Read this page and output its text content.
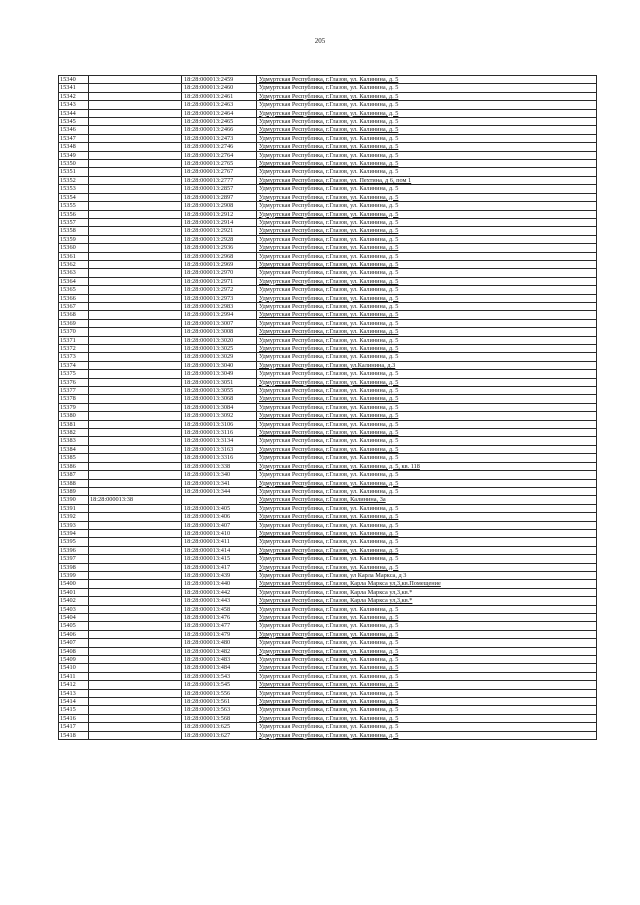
205
15340		18:28:000013:2459	Удмуртская Республика, г.Глазов, ул. Калинина, д. 5
15341		18:28:000013:2460	Удмуртская Республика, г.Глазов, ул. Калинина, д. 5
15342		18:28:000013:2461	Удмуртская Республика, г.Глазов, ул. Калинина, д. 5
15343		18:28:000013:2463	Удмуртская Республика, г.Глазов, ул. Калинина, д. 5
15344		18:28:000013:2464	Удмуртская Республика, г.Глазов, ул. Калинина, д. 5
15345		18:28:000013:2465	Удмуртская Республика, г.Глазов, ул. Калинина, д. 5
15346		18:28:000013:2466	Удмуртская Республика, г.Глазов, ул. Калинина, д. 5
15347		18:28:000013:2473	Удмуртская Республика, г.Глазов, ул. Калинина, д. 5
15348		18:28:000013:2746	Удмуртская Республика, г.Глазов, ул. Калинина, д. 5
15349		18:28:000013:2764	Удмуртская Республика, г.Глазов, ул. Калинина, д. 5
15350		18:28:000013:2765	Удмуртская Республика, г.Глазов, ул. Калинина, д. 5
15351		18:28:000013:2767	Удмуртская Республика, г.Глазов, ул. Калинина, д. 5
15352		18:28:000013:2777	Удмуртская Республика, г.Глазов, ул. Пехтина, д 6, пом 1
15353		18:28:000013:2857	Удмуртская Республика, г.Глазов, ул. Калинина, д. 5
15354		18:28:000013:2897	Удмуртская Республика, г.Глазов, ул. Калинина, д. 5
15355		18:28:000013:2908	Удмуртская Республика, г.Глазов, ул. Калинина, д. 5
15356		18:28:000013:2912	Удмуртская Республика, г.Глазов, ул. Калинина, д. 5
15357		18:28:000013:2914	Удмуртская Республика, г.Глазов, ул. Калинина, д. 5
15358		18:28:000013:2921	Удмуртская Республика, г.Глазов, ул. Калинина, д. 5
15359		18:28:000013:2928	Удмуртская Республика, г.Глазов, ул. Калинина, д. 5
15360		18:28:000013:2936	Удмуртская Республика, г.Глазов, ул. Калинина, д. 5
15361		18:28:000013:2968	Удмуртская Республика, г.Глазов, ул. Калинина, д. 5
15362		18:28:000013:2969	Удмуртская Республика, г.Глазов, ул. Калинина, д. 5
15363		18:28:000013:2970	Удмуртская Республика, г.Глазов, ул. Калинина, д. 5
15364		18:28:000013:2971	Удмуртская Республика, г.Глазов, ул. Калинина, д. 5
15365		18:28:000013:2972	Удмуртская Республика, г.Глазов, ул. Калинина, д. 5
15366		18:28:000013:2973	Удмуртская Республика, г.Глазов, ул. Калинина, д. 5
15367		18:28:000013:2983	Удмуртская Республика, г.Глазов, ул. Калинина, д. 5
15368		18:28:000013:2994	Удмуртская Республика, г.Глазов, ул. Калинина, д. 5
15369		18:28:000013:3007	Удмуртская Республика, г.Глазов, ул. Калинина, д. 5
15370		18:28:000013:3008	Удмуртская Республика, г.Глазов, ул. Калинина, д. 5
15371		18:28:000013:3020	Удмуртская Республика, г.Глазов, ул. Калинина, д. 5
15372		18:28:000013:3025	Удмуртская Республика, г.Глазов, ул. Калинина, д. 5
15373		18:28:000013:3029	Удмуртская Республика, г.Глазов, ул. Калинина, д. 5
15374		18:28:000013:3040	Удмуртская Республика, г.Глазов, ул.Калинина, д.3
15375		18:28:000013:3049	Удмуртская Республика, г.Глазов, ул. Калинина, д. 5
15376		18:28:000013:3051	Удмуртская Республика, г.Глазов, ул. Калинина, д. 5
15377		18:28:000013:3055	Удмуртская Республика, г.Глазов, ул. Калинина, д. 5
15378		18:28:000013:3068	Удмуртская Республика, г.Глазов, ул. Калинина, д. 5
15379		18:28:000013:3084	Удмуртская Республика, г.Глазов, ул. Калинина, д. 5
15380		18:28:000013:3092	Удмуртская Республика, г.Глазов, ул. Калинина, д. 5
15381		18:28:000013:3106	Удмуртская Республика, г.Глазов, ул. Калинина, д. 5
15382		18:28:000013:3116	Удмуртская Республика, г.Глазов, ул. Калинина, д. 5
15383		18:28:000013:3134	Удмуртская Республика, г.Глазов, ул. Калинина, д. 5
15384		18:28:000013:3163	Удмуртская Республика, г.Глазов, ул. Калинина, д. 5
15385		18:28:000013:3316	Удмуртская Республика, г.Глазов, ул. Калинина, д. 5
15386		18:28:000013:338	Удмуртская Республика, г.Глазов, ул. Калинина, д. 5, кв. 118
15387		18:28:000013:340	Удмуртская Республика, г.Глазов, ул. Калинина, д. 5
15388		18:28:000013:341	Удмуртская Республика, г.Глазов, ул. Калинина, д. 5
15389		18:28:000013:344	Удмуртская Республика, г.Глазов, ул. Калинина, д. 5
15390	18:28:000013:38		Удмуртская Республика, г.Глазов, Калинина, 3а
15391		18:28:000013:405	Удмуртская Республика, г.Глазов, ул. Калинина, д. 5
15392		18:28:000013:406	Удмуртская Республика, г.Глазов, ул. Калинина, д. 5
15393		18:28:000013:407	Удмуртская Республика, г.Глазов, ул. Калинина, д. 5
15394		18:28:000013:410	Удмуртская Республика, г.Глазов, ул. Калинина, д. 5
15395		18:28:000013:411	Удмуртская Республика, г.Глазов, ул. Калинина, д. 5
15396		18:28:000013:414	Удмуртская Республика, г.Глазов, ул. Калинина, д. 5
15397		18:28:000013:415	Удмуртская Республика, г.Глазов, ул. Калинина, д. 5
15398		18:28:000013:417	Удмуртская Республика, г.Глазов, ул. Калинина, д. 5
15399		18:28:000013:439	Удмуртская Республика, г.Глазов, ул Карла Маркса, д 3
15400		18:28:000013:440	Удмуртская Республика, г.Глазов, Карла Маркса ул,3,кв.Помещение
15401		18:28:000013:442	Удмуртская Республика, г.Глазов, Карла Маркса ул,3,кв.*
15402		18:28:000013:443	Удмуртская Республика, г.Глазов, Карла Маркса ул,3,кв.*
15403		18:28:000013:458	Удмуртская Республика, г.Глазов, ул. Калинина, д. 5
15404		18:28:000013:476	Удмуртская Республика, г.Глазов, ул. Калинина, д. 5
15405		18:28:000013:477	Удмуртская Республика, г.Глазов, ул. Калинина, д. 5
15406		18:28:000013:479	Удмуртская Республика, г.Глазов, ул. Калинина, д. 5
15407		18:28:000013:480	Удмуртская Республика, г.Глазов, ул. Калинина, д. 5
15408		18:28:000013:482	Удмуртская Республика, г.Глазов, ул. Калинина, д. 5
15409		18:28:000013:483	Удмуртская Республика, г.Глазов, ул. Калинина, д. 5
15410		18:28:000013:484	Удмуртская Республика, г.Глазов, ул. Калинина, д. 5
15411		18:28:000013:543	Удмуртская Республика, г.Глазов, ул. Калинина, д. 5
15412		18:28:000013:545	Удмуртская Республика, г.Глазов, ул. Калинина, д. 5
15413		18:28:000013:556	Удмуртская Республика, г.Глазов, ул. Калинина, д. 5
15414		18:28:000013:561	Удмуртская Республика, г.Глазов, ул. Калинина, д. 5
15415		18:28:000013:563	Удмуртская Республика, г.Глазов, ул. Калинина, д. 5
15416		18:28:000013:568	Удмуртская Республика, г.Глазов, ул. Калинина, д. 5
15417		18:28:000013:625	Удмуртская Республика, г.Глазов, ул. Калинина, д. 5
15418		18:28:000013:627	Удмуртская Республика, г.Глазов, ул. Калинина, д. 5
